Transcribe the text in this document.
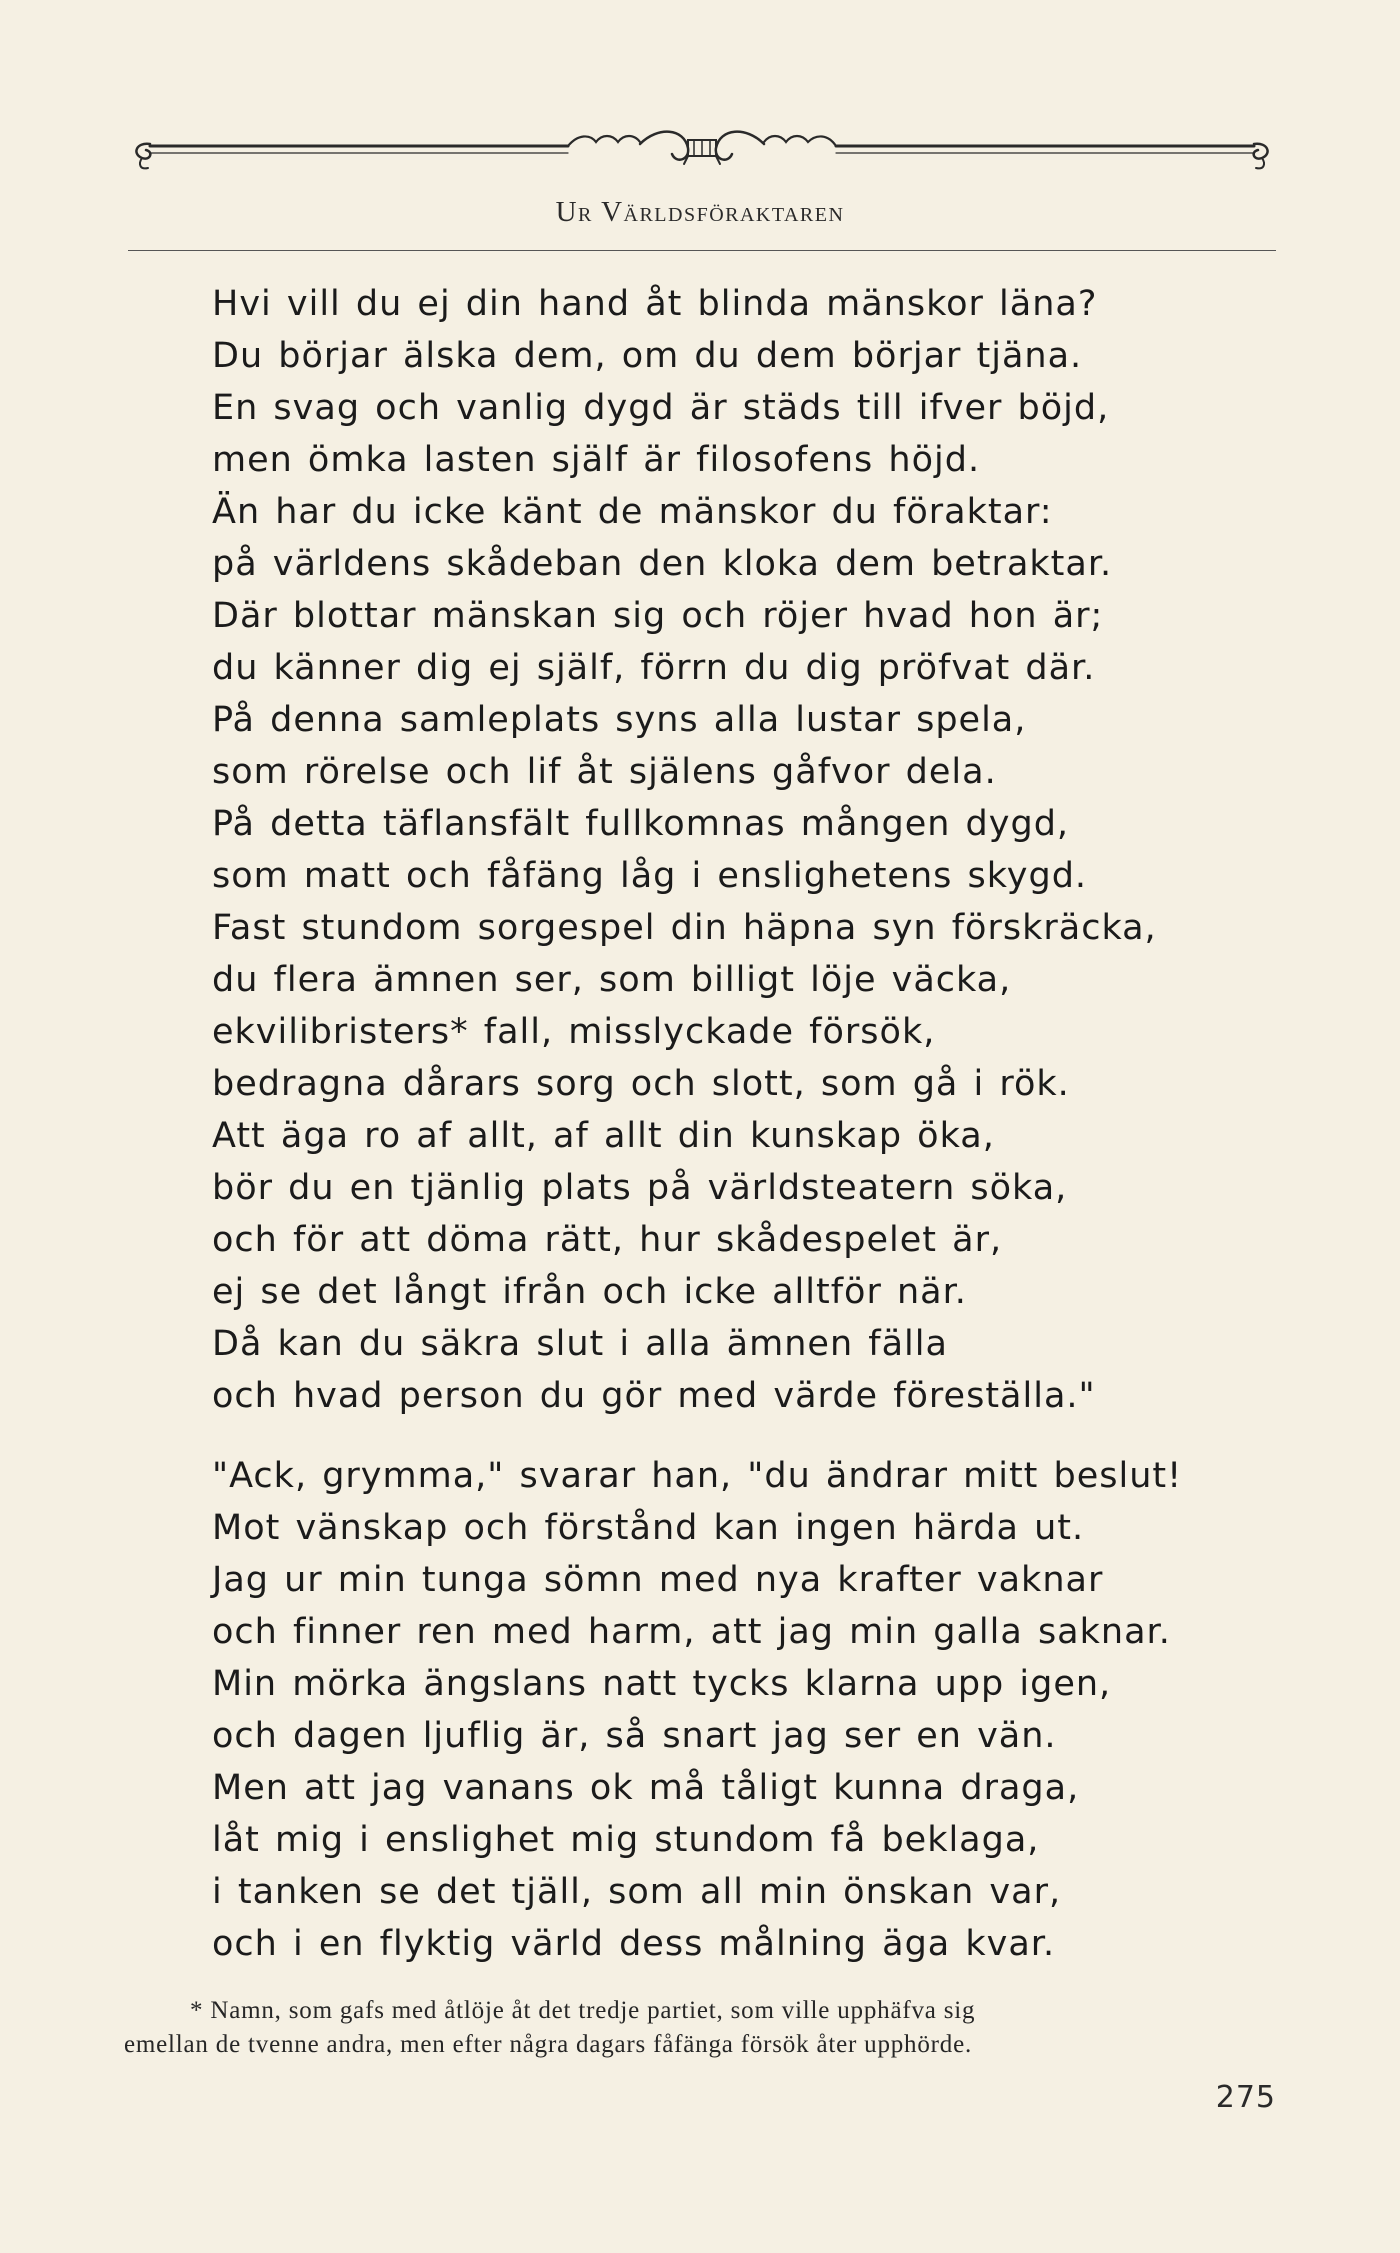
Ur Världsföraktaren
Hvi vill du ej din hand åt blinda mänskor läna?
Du börjar älska dem, om du dem börjar tjäna.
En svag och vanlig dygd är städs till ifver böjd,
men ömka lasten själf är filosofens höjd.
Än har du icke känt de mänskor du föraktar:
på världens skådeban den kloka dem betraktar.
Där blottar mänskan sig och röjer hvad hon är;
du känner dig ej själf, förrn du dig pröfvat där.
På denna samleplats syns alla lustar spela,
som rörelse och lif åt själens gåfvor dela.
På detta täflansfält fullkomnas mången dygd,
som matt och fåfäng låg i enslighetens skygd.
Fast stundom sorgespel din häpna syn förskräcka,
du flera ämnen ser, som billigt löje väcka,
ekvilibristers* fall, misslyckade försök,
bedragna dårars sorg och slott, som gå i rök.
Att äga ro af allt, af allt din kunskap öka,
bör du en tjänlig plats på världsteatern söka,
och för att döma rätt, hur skådespelet är,
ej se det långt ifrån och icke alltför när.
Då kan du säkra slut i alla ämnen fälla
och hvad person du gör med värde föreställa."
"Ack, grymma," svarar han, "du ändrar mitt beslut!
Mot vänskap och förstånd kan ingen härda ut.
Jag ur min tunga sömn med nya krafter vaknar
och finner ren med harm, att jag min galla saknar.
Min mörka ängslans natt tycks klarna upp igen,
och dagen ljuflig är, så snart jag ser en vän.
Men att jag vanans ok må tåligt kunna draga,
låt mig i enslighet mig stundom få beklaga,
i tanken se det tjäll, som all min önskan var,
och i en flyktig värld dess målning äga kvar.
* Namn, som gafs med åtlöje åt det tredje partiet, som ville upphäfva sig
emellan de tvenne andra, men efter några dagars fåfänga försök åter upphörde.
275
